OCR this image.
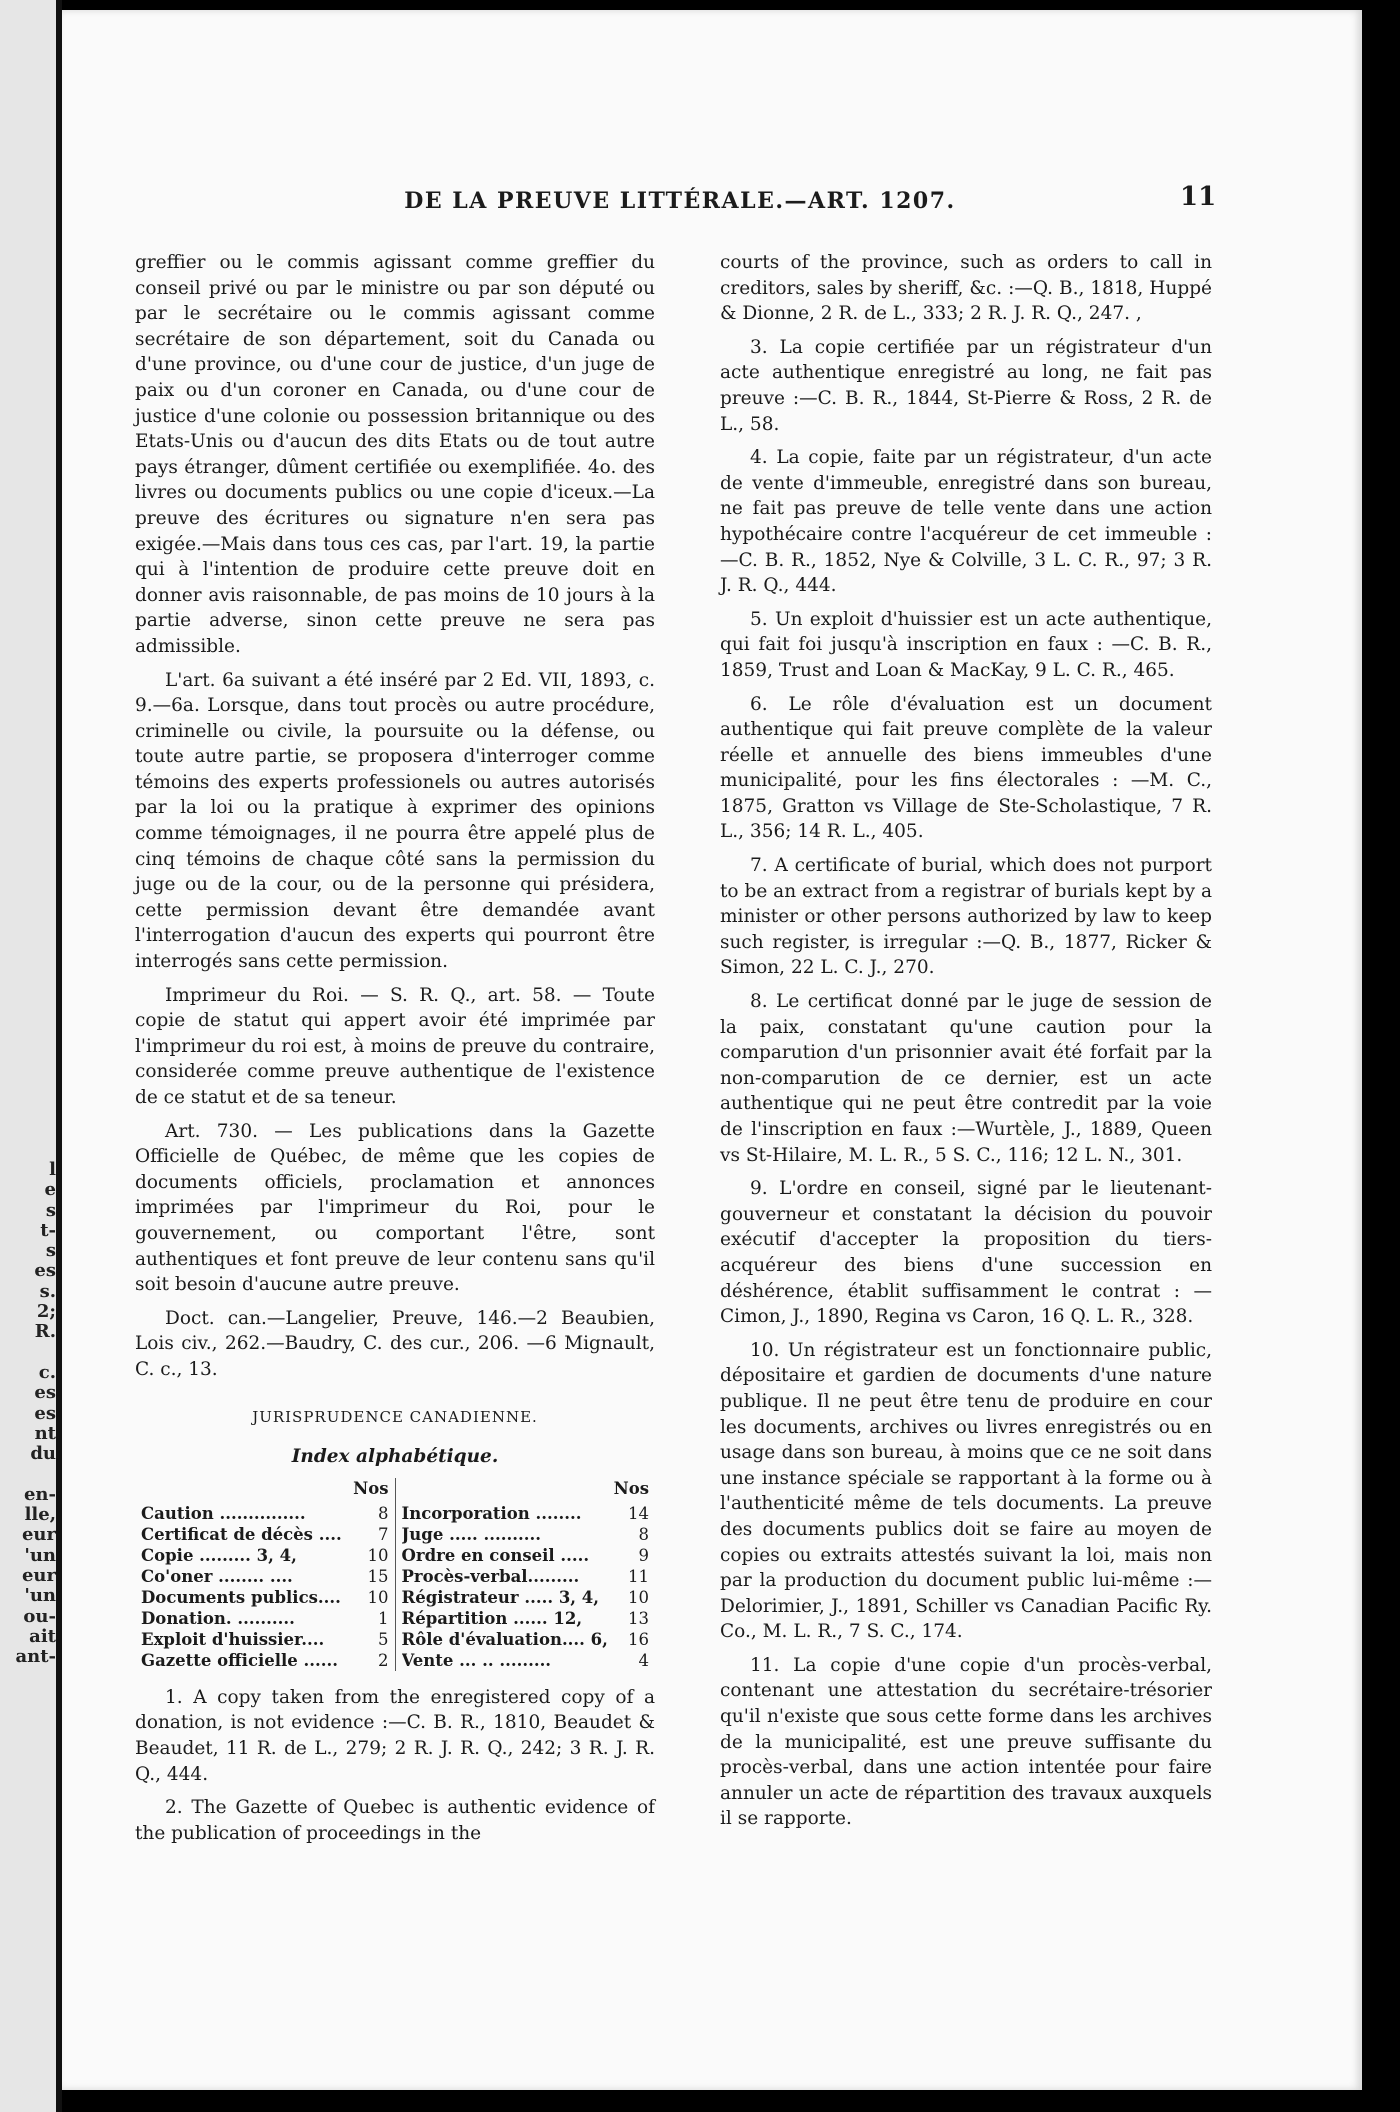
l
e
s
t-
s
es
s.
2;
R.

c.
es
es
nt
du

en-
lle,
eur
'un
eur
'un
ou-
ait
ant-
DE LA PREUVE LITTÉRALE.—ART. 1207.	11

greffier ou le commis agissant comme greffier du conseil privé ou par le ministre ou par son député ou par le secrétaire ou le commis agissant comme secrétaire de son département, soit du Canada ou d'une province, ou d'une cour de justice, d'un juge de paix ou d'un coroner en Canada, ou d'une cour de justice d'une colonie ou possession britannique ou des Etats-Unis ou d'aucun des dits Etats ou de tout autre pays étranger, dûment certifiée ou exemplifiée. 4o. des livres ou documents publics ou une copie d'iceux.—La preuve des écritures ou signature n'en sera pas exigée.—Mais dans tous ces cas, par l'art. 19, la partie qui à l'intention de produire cette preuve doit en donner avis raisonnable, de pas moins de 10 jours à la partie adverse, sinon cette preuve ne sera pas admissible.

L'art. 6a suivant a été inséré par 2 Ed. VII, 1893, c. 9.—6a. Lorsque, dans tout procès ou autre procédure, criminelle ou civile, la poursuite ou la défense, ou toute autre partie, se proposera d'interroger comme témoins des experts professionels ou autres autorisés par la loi ou la pratique à exprimer des opinions comme témoignages, il ne pourra être appelé plus de cinq témoins de chaque côté sans la permission du juge ou de la cour, ou de la personne qui présidera, cette permission devant être demandée avant l'interrogation d'aucun des experts qui pourront être interrogés sans cette permission.

Imprimeur du Roi. — S. R. Q., art. 58. — Toute copie de statut qui appert avoir été imprimée par l'imprimeur du roi est, à moins de preuve du contraire, considerée comme preuve authentique de l'existence de ce statut et de sa teneur.

Art. 730. — Les publications dans la Gazette Officielle de Québec, de même que les copies de documents officiels, proclamation et annonces imprimées par l'imprimeur du Roi, pour le gouvernement, ou comportant l'être, sont authentiques et font preuve de leur contenu sans qu'il soit besoin d'aucune autre preuve.

Doct. can.—Langelier, Preuve, 146.—2 Beaubien, Lois civ., 262.—Baudry, C. des cur., 206. —6 Mignault, C. c., 13.

JURISPRUDENCE CANADIENNE.

Index alphabétique.

Nos
Caution ...............	8
Certificat de décès .... 7
Copie ......... 3, 4,	10
Co'oner ........ ....	15
Documents publics.... 10
Donation. ..........	1
Exploit d'huissier....	5
Gazette officielle ...... 2
Nos
Incorporation ........	14
Juge ..... ..........	8
Ordre en conseil .....	9
Procès-verbal.........	11
Régistrateur ..... 3, 4, 10
Répartition ...... 12,	13
Rôle d'évaluation.... 6, 16
Vente ... .. .........	4

1. A copy taken from the enregistered copy of a donation, is not evidence :—C. B. R., 1810, Beaudet & Beaudet, 11 R. de L., 279; 2 R. J. R. Q., 242; 3 R. J. R. Q., 444.

2. The Gazette of Quebec is authentic evidence of the publication of proceedings in the

courts of the province, such as orders to call in creditors, sales by sheriff, &c. :—Q. B., 1818, Huppé & Dionne, 2 R. de L., 333; 2 R. J. R. Q., 247. ,

3. La copie certifiée par un régistrateur d'un acte authentique enregistré au long, ne fait pas preuve :—C. B. R., 1844, St-Pierre & Ross, 2 R. de L., 58.

4. La copie, faite par un régistrateur, d'un acte de vente d'immeuble, enregistré dans son bureau, ne fait pas preuve de telle vente dans une action hypothécaire contre l'acquéreur de cet immeuble :—C. B. R., 1852, Nye & Colville, 3 L. C. R., 97; 3 R. J. R. Q., 444.

5. Un exploit d'huissier est un acte authentique, qui fait foi jusqu'à inscription en faux : —C. B. R., 1859, Trust and Loan & MacKay, 9 L. C. R., 465.

6. Le rôle d'évaluation est un document authentique qui fait preuve complète de la valeur réelle et annuelle des biens immeubles d'une municipalité, pour les fins électorales : —M. C., 1875, Gratton vs Village de Ste-Scholastique, 7 R. L., 356; 14 R. L., 405.

7. A certificate of burial, which does not purport to be an extract from a registrar of burials kept by a minister or other persons authorized by law to keep such register, is irregular :—Q. B., 1877, Ricker & Simon, 22 L. C. J., 270.

8. Le certificat donné par le juge de session de la paix, constatant qu'une caution pour la comparution d'un prisonnier avait été forfait par la non-comparution de ce dernier, est un acte authentique qui ne peut être contredit par la voie de l'inscription en faux :—Wurtèle, J., 1889, Queen vs St-Hilaire, M. L. R., 5 S. C., 116; 12 L. N., 301.

9. L'ordre en conseil, signé par le lieutenant-gouverneur et constatant la décision du pouvoir exécutif d'accepter la proposition du tiers-acquéreur des biens d'une succession en déshérence, établit suffisamment le contrat : —Cimon, J., 1890, Regina vs Caron, 16 Q. L. R., 328.

10. Un régistrateur est un fonctionnaire public, dépositaire et gardien de documents d'une nature publique. Il ne peut être tenu de produire en cour les documents, archives ou livres enregistrés ou en usage dans son bureau, à moins que ce ne soit dans une instance spéciale se rapportant à la forme ou à l'authenticité même de tels documents. La preuve des documents publics doit se faire au moyen de copies ou extraits attestés suivant la loi, mais non par la production du document public lui-même :—Delorimier, J., 1891, Schiller vs Canadian Pacific Ry. Co., M. L. R., 7 S. C., 174.

11. La copie d'une copie d'un procès-verbal, contenant une attestation du secrétaire-trésorier qu'il n'existe que sous cette forme dans les archives de la municipalité, est une preuve suffisante du procès-verbal, dans une action intentée pour faire annuler un acte de répartition des travaux auxquels il se rapporte.
